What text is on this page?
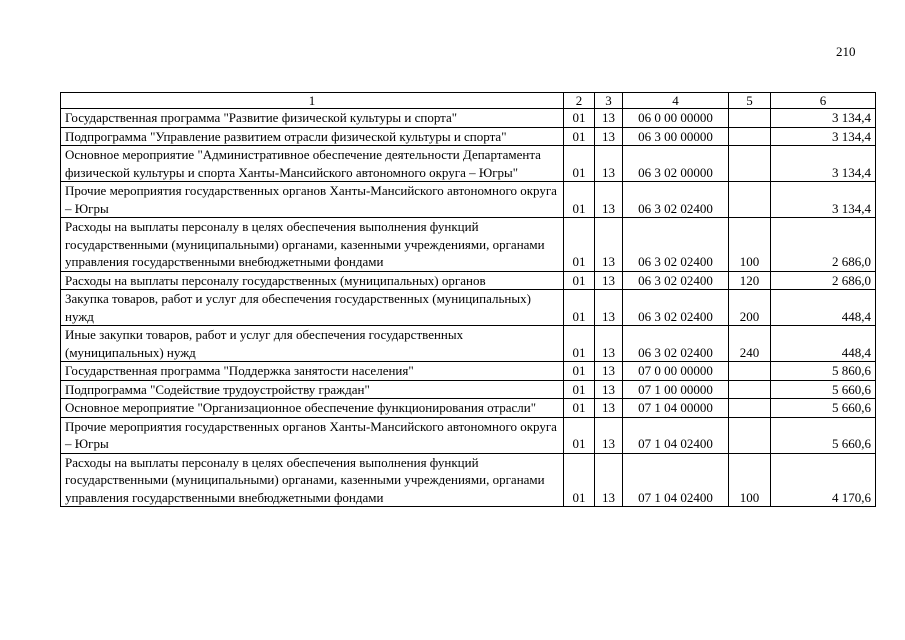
210
1	2	3	4	5	6
Государственная программа "Развитие физической культуры и спорта"	01	13	06 0 00 00000		3 134,4
Подпрограмма "Управление развитием отрасли физической культуры и спорта"	01	13	06 3 00 00000		3 134,4
Основное мероприятие "Административное обеспечение деятельности Департамента физической культуры и спорта Ханты-Мансийского автономного округа – Югры"	01	13	06 3 02 00000		3 134,4
Прочие мероприятия государственных органов Ханты-Мансийского автономного округа – Югры	01	13	06 3 02 02400		3 134,4
Расходы на выплаты персоналу в целях обеспечения выполнения функций государственными (муниципальными) органами, казенными учреждениями, органами управления государственными внебюджетными фондами	01	13	06 3 02 02400	100	2 686,0
Расходы на выплаты персоналу государственных (муниципальных) органов	01	13	06 3 02 02400	120	2 686,0
Закупка товаров, работ и услуг для обеспечения государственных (муниципальных) нужд	01	13	06 3 02 02400	200	448,4
Иные закупки товаров, работ и услуг для обеспечения государственных (муниципальных) нужд	01	13	06 3 02 02400	240	448,4
Государственная программа "Поддержка занятости населения"	01	13	07 0 00 00000		5 860,6
Подпрограмма "Содействие трудоустройству граждан"	01	13	07 1 00 00000		5 660,6
Основное мероприятие "Организационное обеспечение функционирования отрасли"	01	13	07 1 04 00000		5 660,6
Прочие мероприятия государственных органов Ханты-Мансийского автономного округа – Югры	01	13	07 1 04 02400		5 660,6
Расходы на выплаты персоналу в целях обеспечения выполнения функций государственными (муниципальными) органами, казенными учреждениями, органами управления государственными внебюджетными фондами	01	13	07 1 04 02400	100	4 170,6
